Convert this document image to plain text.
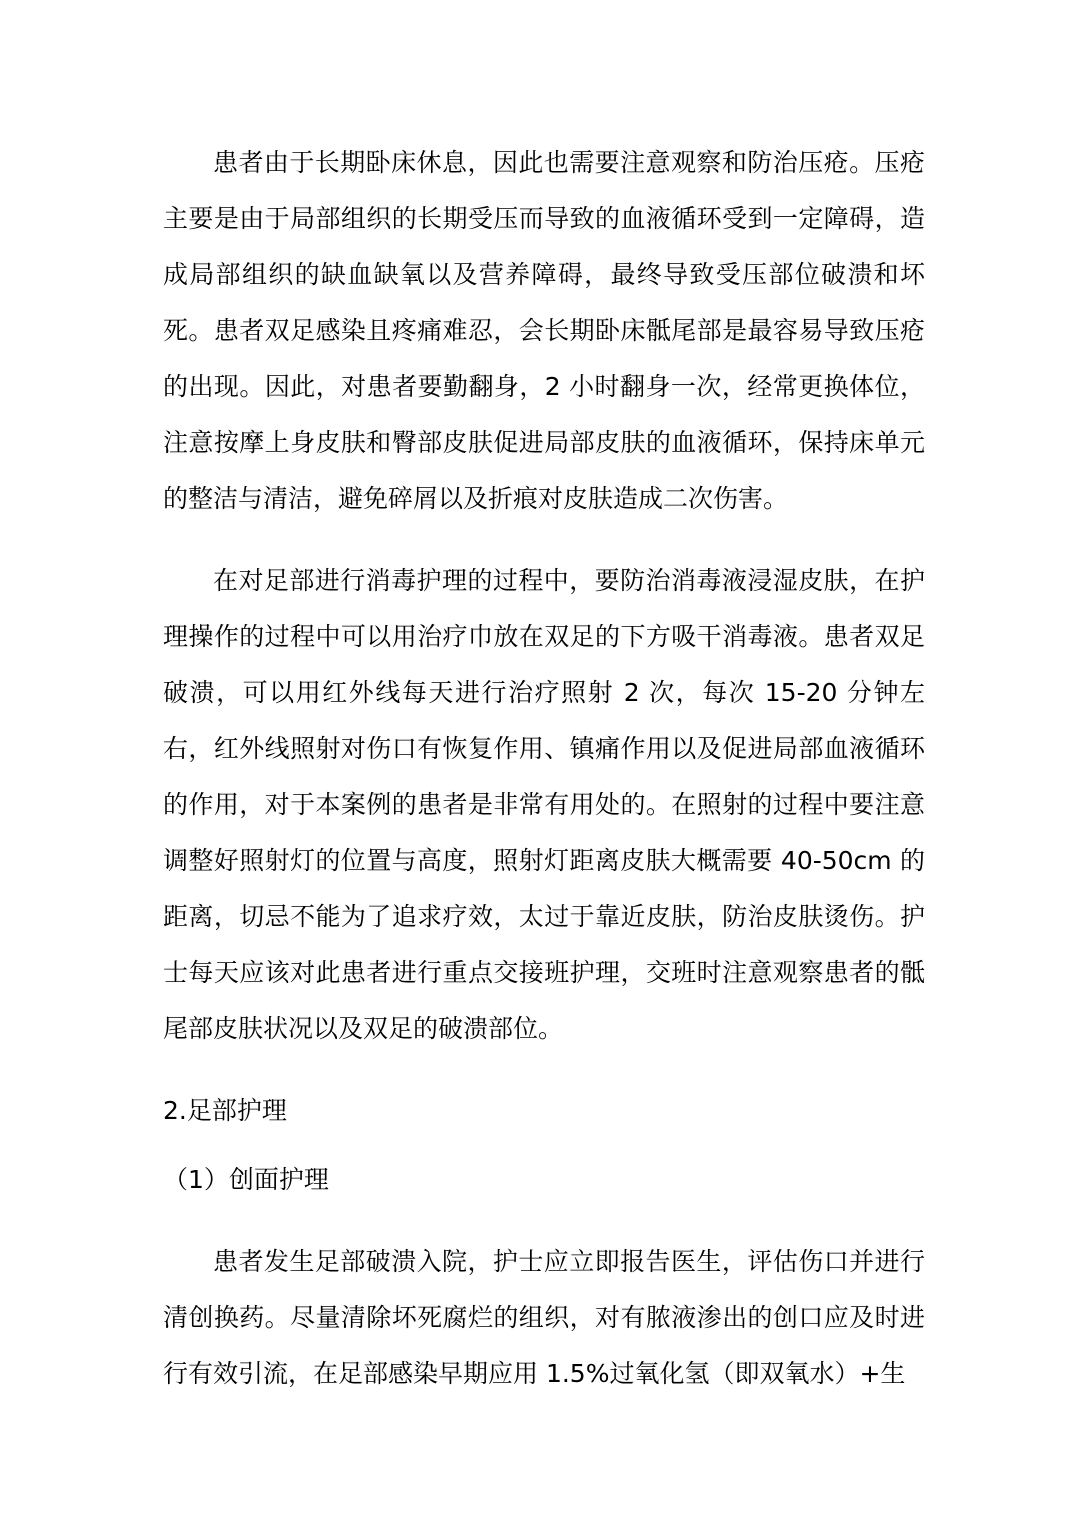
患者由于长期卧床休息，因此也需要注意观察和防治压疮。压疮主要是由于局部组织的长期受压而导致的血液循环受到一定障碍，造成局部组织的缺血缺氧以及营养障碍，最终导致受压部位破溃和坏死。患者双足感染且疼痛难忍，会长期卧床骶尾部是最容易导致压疮的出现。因此，对患者要勤翻身，2 小时翻身一次，经常更换体位，注意按摩上身皮肤和臀部皮肤促进局部皮肤的血液循环，保持床单元的整洁与清洁，避免碎屑以及折痕对皮肤造成二次伤害。

在对足部进行消毒护理的过程中，要防治消毒液浸湿皮肤，在护理操作的过程中可以用治疗巾放在双足的下方吸干消毒液。患者双足破溃，可以用红外线每天进行治疗照射 2 次，每次 15-20 分钟左右，红外线照射对伤口有恢复作用、镇痛作用以及促进局部血液循环的作用，对于本案例的患者是非常有用处的。在照射的过程中要注意调整好照射灯的位置与高度，照射灯距离皮肤大概需要 40-50cm 的距离，切忌不能为了追求疗效，太过于靠近皮肤，防治皮肤烫伤。护士每天应该对此患者进行重点交接班护理，交班时注意观察患者的骶尾部皮肤状况以及双足的破溃部位。

2.足部护理
（1）创面护理

患者发生足部破溃入院，护士应立即报告医生，评估伤口并进行清创换药。尽量清除坏死腐烂的组织，对有脓液渗出的创口应及时进行有效引流，在足部感染早期应用 1.5%过氧化氢（即双氧水）+生
